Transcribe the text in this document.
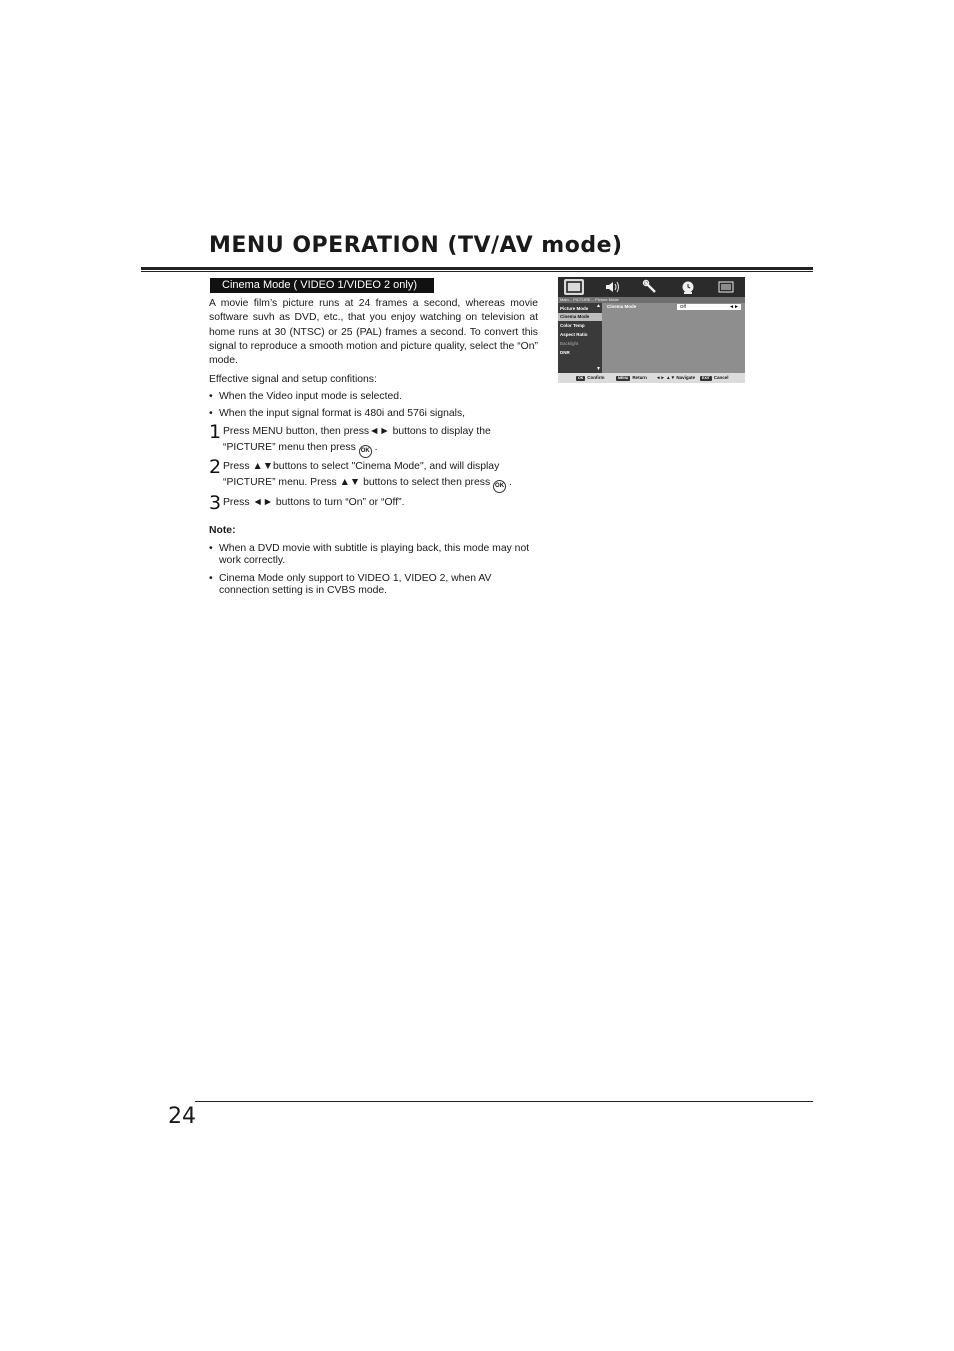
MENU OPERATION (TV/AV mode)
Cinema Mode ( VIDEO 1/VIDEO 2 only)

A movie film’s picture runs at 24 frames a second, whereas movie software suvh as DVD, etc., that you enjoy watching on television at home runs at 30 (NTSC) or 25 (PAL) frames a second. To convert this signal to reproduce a smooth motion and picture quality, select the “On” mode.

Effective signal and setup confitions:

• When the Video input mode is selected.
• When the input signal format is 480i and 576i signals,
1 Press MENU button, then press◄► buttons to display the
“PICTURE” menu then press OK .

2 Press ▲▼buttons to select "Cinema Mode", and will display
“PICTURE” menu. Press ▲▼ buttons to select then press OK .

3 Press ◄► buttons to turn “On” or “Off”.

Note:

• When a DVD movie with subtitle is playing back, this mode may not work correctly.
• Cinema Mode only support to VIDEO 1, VIDEO 2, when AV connection setting is in CVBS mode.
Main... PICTURE... Picture Mode
Picture Mode
Cinema Mode
Color Temp
Aspect Ratio
Backlight
DNR
▲
▼
Cinema Mode	Off	◄►
OK Confirm	MENU Return ◄► ▲▼ Navigate	EXIT Cancel
24
